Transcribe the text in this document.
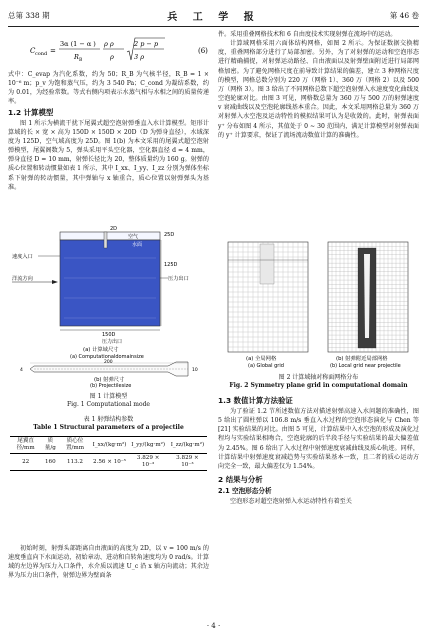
总第 338 期	兵 工 学 报	第 46 卷
C cond =
3α (1 − α )
R B
ρ ρ
ρ
2 p − p
3 ρ
(6)

式中：C_evap 为汽化系数，约为 50；R_B 为气核半径，R_B = 1 × 10⁻⁶ m；p_v 为饱和蒸气压，约为 3 540 Pa；C_cond 为凝结系数，约为 0.01，为经验常数。等式右侧内项表示水蒸气相与水相之间的质量传递率。

1.2 计算模型

图 1 所示为横流干扰下尾翼式超空泡射弹垂直入水计算模型。矩形计算域的长 × 宽 × 高为 150D × 150D × 20D（D 为弹身直径），水域深度为 125D，空气域高度为 25D。图 1(b) 为本文采用的尾翼式超空泡射弹模型，尾翼阁数为 5，弹头采用平头空化器，空化器直径 d = 4 mm，弹身直径 D = 10 mm，射弹长径比为 20，整体质量约为 160 g。射弹的质心位置和转动惯量如表 1 所示，其中 I_xx、I_yy、I_zz 分别为弹体坐标系下射弹的转动惯量，其中弹轴与 x 轴重合，质心位置以射弹弹头为基准。

2D
空气
水面
速度入口
洋流方向	压力出口
25D
125D
150D
压力出口
(a) 计算域尺寸
(a) Computationaldomainsize
200
4	10
(b) 射弹尺寸
(b) Projectilesize
图 1 计算模型
Fig. 1 Computational mode
表 1 射弹结构参数
Table 1 Structural parameters of a projectile
尾翼直径/mm	质量/g	质心位置/mm	I_xx/(kg·m²)	I_yy/(kg·m²)	I_zz/(kg·m²)
22	160	113.2	2.56 × 10⁻⁵	3.829 × 10⁻³	3.829 × 10⁻³

初始时刻，射弹头部距离自由液面的高度为 2D，以 v = 100 m/s 的速度垂直向下水面运动，初始章动、进动和自转角速度均为 0 rad/s。计算域的左边界为压力入口条件，水介质以流速 U_c 沿 x 轴方向流动；其余边界为压力出口条件，射弹边界为壁面条

件。采用重叠网格技术和 6 自由度技术实现射弹在流场中的运动。

计算域网格采用六面体结构网格，如图 2 所示。为保证数据交换精度，重叠网格部分进行了局部加密。另外，为了对射弹的运动和空泡形态进行精确捕捉，对射弹运动路径、自由液面以及射弹壁面附近进行局部网格加密。为了避免网格尺度在前导致计算结果的偏差，建立 3 种网格尺度的模型，网格总数分别为 220 万（网格 1）、360 万（网格 2）以及 500 万（网格 3）。图 3 给出了不同网格总数下超空泡射弹入水速度变化曲线及空泡轮廓对比。由图 3 可见，网格数总量为 360 万与 500 万的射弹速度 v 衰减曲线以及空泡轮廓线基本重合。因此，本文采用网格总量为 360 万对射弹入水空泡及运动特性的模拟结果可认为是收敛的。此时，射弹表面 y⁺ 分布如图 4 所示，其值处于 0 ~ 30 范围内，满足计算模型对射弹表面的 y⁺ 计算要求，保证了流场流动数值计算的准确性。

(a) 全局网格
(a) Global grid
(b) 射弹附近局部网格
(b) Local grid near projectile
图 2 计算域轴对称面网格分布
Fig. 2 Symmetry plane grid in computational domain
1.3 数值计算方法验证

为了验证 1.2 节所述数值方法对描述射弹高速入水问题的准确性，图 5 给出了圆柱弹以 106.8 m/s 垂直入水过程的空泡形态演化与 Chen 等[21] 实验结果的对比。由图 5 可见，计算结果中入水空泡的形成及演化过程均与实验结果相吻合，空泡轮廓的后半段手径与实验结果的最大偏差值为 2.45%。图 6 给出了入水过程中射弹速度衰减曲线及质心轨迹。同样，计算结果中射弹速度衰减趋势与实验结果基本一致，且二者的质心运动方向完全一致，最大偏差仅为 1.54%。

2 结果与分析
2.1 空泡形态分析

空泡形态对超空泡射弹入水运动特性有着至关

· 4 ·
